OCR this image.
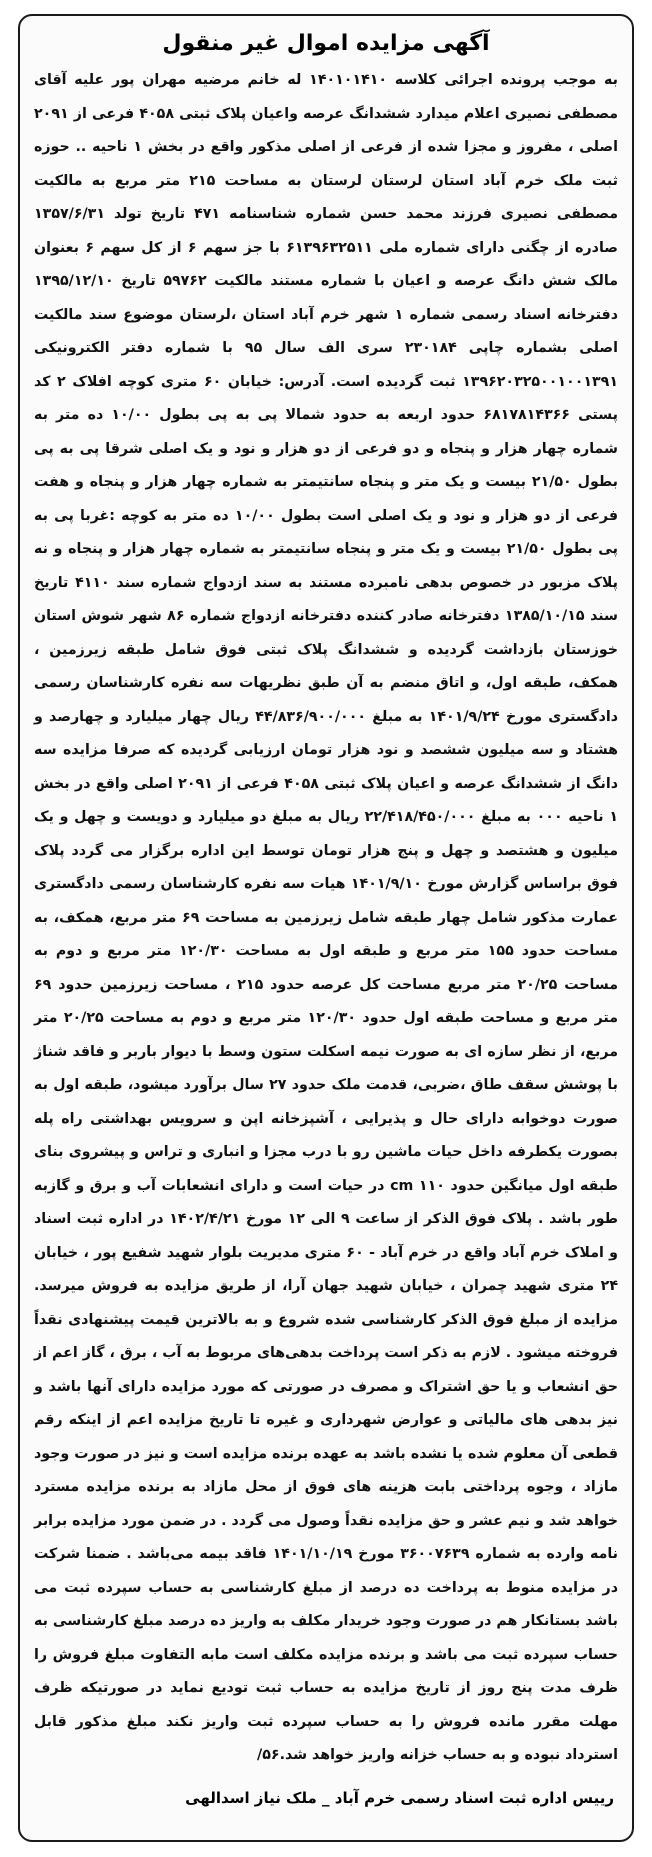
آگهی مزایده اموال غیر منقول

به موجب پرونده اجرائی کلاسه ۱۴۰۱۰۱۴۱۰ له خانم مرضیه مهران پور علیه آقای مصطفی نصیری اعلام میدارد ششدانگ عرصه واعیان پلاک ثبتی ۴۰۵۸ فرعی از ۲۰۹۱ اصلی ، مفروز و مجزا شده از فرعی از اصلی مذکور واقع در بخش ۱ ناحیه .. حوزه ثبت ملک خرم آباد استان لرستان لرستان به مساحت ۲۱۵ متر مربع به مالکیت مصطفی نصیری فرزند محمد حسن شماره شناسنامه ۴۷۱ تاریخ تولد ۱۳۵۷/۶/۳۱ صادره از چگنی دارای شماره ملی ۶۱۳۹۶۳۲۵۱۱ با جز سهم ۶ از کل سهم ۶ بعنوان مالک شش دانگ عرصه و اعیان با شماره مستند مالکیت ۵۹۷۶۲ تاریخ ۱۳۹۵/۱۲/۱۰ دفترخانه اسناد رسمی شماره ۱ شهر خرم آباد استان ،لرستان موضوع سند مالکیت اصلی بشماره چاپی ۲۳۰۱۸۴ سری الف سال ۹۵ با شماره دفتر الکترونیکی ۱۳۹۶۲۰۳۲۵۰۰۱۰۰۱۳۹۱ ثبت گردیده است. آدرس: خیابان ۶۰ متری کوچه افلاک ۲ کد پستی ۶۸۱۷۸۱۴۳۶۶ حدود اربعه به حدود شمالا پی به پی بطول ۱۰/۰۰ ده متر به شماره چهار هزار و پنجاه و دو فرعی از دو هزار و نود و یک اصلی شرقا پی به پی بطول ۲۱/۵۰ بیست و یک متر و پنجاه سانتیمتر به شماره چهار هزار و پنجاه و هفت فرعی از دو هزار و نود و یک اصلی است بطول ۱۰/۰۰ ده متر به کوچه :غربا پی به پی بطول ۲۱/۵۰ بیست و یک متر و پنجاه سانتیمتر به شماره چهار هزار و پنجاه و نه پلاک مزبور در خصوص بدهی نامبرده مستند به سند ازدواج شماره سند ۴۱۱۰ تاریخ سند ۱۳۸۵/۱۰/۱۵ دفترخانه صادر کننده دفترخانه ازدواج شماره ۸۶ شهر شوش استان خوزستان بازداشت گردیده و ششدانگ پلاک ثبتی فوق شامل طبقه زیرزمین ، همکف، طبقه اول، و اتاق منضم به آن طبق نظریهات سه نفره کارشناسان رسمی دادگستری مورخ ۱۴۰۱/۹/۲۴ به مبلغ ۴۴/۸۳۶/۹۰۰/۰۰۰ ریال چهار میلیارد و چهارصد و هشتاد و سه میلیون ششصد و نود هزار تومان ارزیابی گردیده که صرفا مزایده سه دانگ از ششدانگ عرصه و اعیان پلاک ثبتی ۴۰۵۸ فرعی از ۲۰۹۱ اصلی واقع در بخش ۱ ناحیه ۰۰۰ به مبلغ ۲۲/۴۱۸/۴۵۰/۰۰۰ ریال به مبلغ دو میلیارد و دویست و چهل و یک میلیون و هشتصد و چهل و پنج هزار تومان توسط این اداره برگزار می گردد پلاک فوق براساس گزارش مورخ ۱۴۰۱/۹/۱۰ هیات سه نفره کارشناسان رسمی دادگستری عمارت مذکور شامل چهار طبقه شامل زیرزمین به مساحت ۶۹ متر مربع، همکف، به مساحت حدود ۱۵۵ متر مربع و طبقه اول به مساحت ۱۲۰/۳۰ متر مربع و دوم به مساحت ۲۰/۲۵ متر مربع مساحت کل عرصه حدود ۲۱۵ ، مساحت زیرزمین حدود ۶۹ متر مربع و مساحت طبقه اول حدود ۱۲۰/۳۰ متر مربع و دوم به مساحت ۲۰/۲۵ متر مربع، از نظر سازه ای به صورت نیمه اسکلت ستون وسط با دیوار باربر و فاقد شناژ با پوشش سقف طاق ،ضربی، قدمت ملک حدود ۲۷ سال برآورد میشود، طبقه اول به صورت دوخوابه دارای حال و پذیرایی ، آشپزخانه اپن و سرویس بهداشتی راه پله بصورت یکطرفه داخل حیات ماشین رو با درب مجزا و انباری و تراس و پیشروی بنای طبقه اول میانگین حدود ۱۱۰ cm در حیات است و دارای انشعابات آب و برق و گازبه طور باشد . پلاک فوق الذکر از ساعت ۹ الی ۱۲ مورخ ۱۴۰۲/۴/۲۱ در اداره ثبت اسناد و املاک خرم آباد واقع در خرم آباد - ۶۰ متری مدیریت بلوار شهید شفیع پور ، خیابان ۲۴ متری شهید چمران ، خیابان شهید جهان آرا، از طریق مزایده به فروش میرسد. مزایده از مبلغ فوق الذکر کارشناسی شده شروع و به بالاترین قیمت پیشنهادی نقداً فروخته میشود . لازم به ذکر است پرداخت بدهی‌های مربوط به آب ، برق ، گاز اعم از حق انشعاب و یا حق اشتراک و مصرف در صورتی که مورد مزایده دارای آنها باشد و نیز بدهی های مالیاتی و عوارض شهرداری و غیره تا تاریخ مزایده اعم از اینکه رقم قطعی آن معلوم شده یا نشده باشد به عهده برنده مزایده است و نیز در صورت وجود مازاد ، وجوه پرداختی بابت هزینه های فوق از محل مازاد به برنده مزایده مسترد خواهد شد و نیم عشر و حق مزایده نقداً وصول می گردد . در ضمن مورد مزایده برابر نامه وارده به شماره ۳۶۰۰۷۶۳۹ مورخ ۱۴۰۱/۱۰/۱۹ فاقد بیمه می‌باشد . ضمنا شرکت در مزایده منوط به پرداخت ده درصد از مبلغ کارشناسی به حساب سپرده ثبت می باشد بستانکار هم در صورت وجود خریدار مکلف به واریز ده درصد مبلغ کارشناسی به حساب سپرده ثبت می باشد و برنده مزایده مکلف است مابه التفاوت مبلغ فروش را ظرف مدت پنج روز از تاریخ مزایده به حساب ثبت تودیع نماید در صورتیکه ظرف مهلت مقرر مانده فروش را به حساب سپرده ثبت واریز نکند مبلغ مذکور قابل استرداد نبوده و به حساب خزانه واریز خواهد شد.۵۶/

رییس اداره ثبت اسناد رسمی خرم آباد _ ملک نیاز اسدالهی
